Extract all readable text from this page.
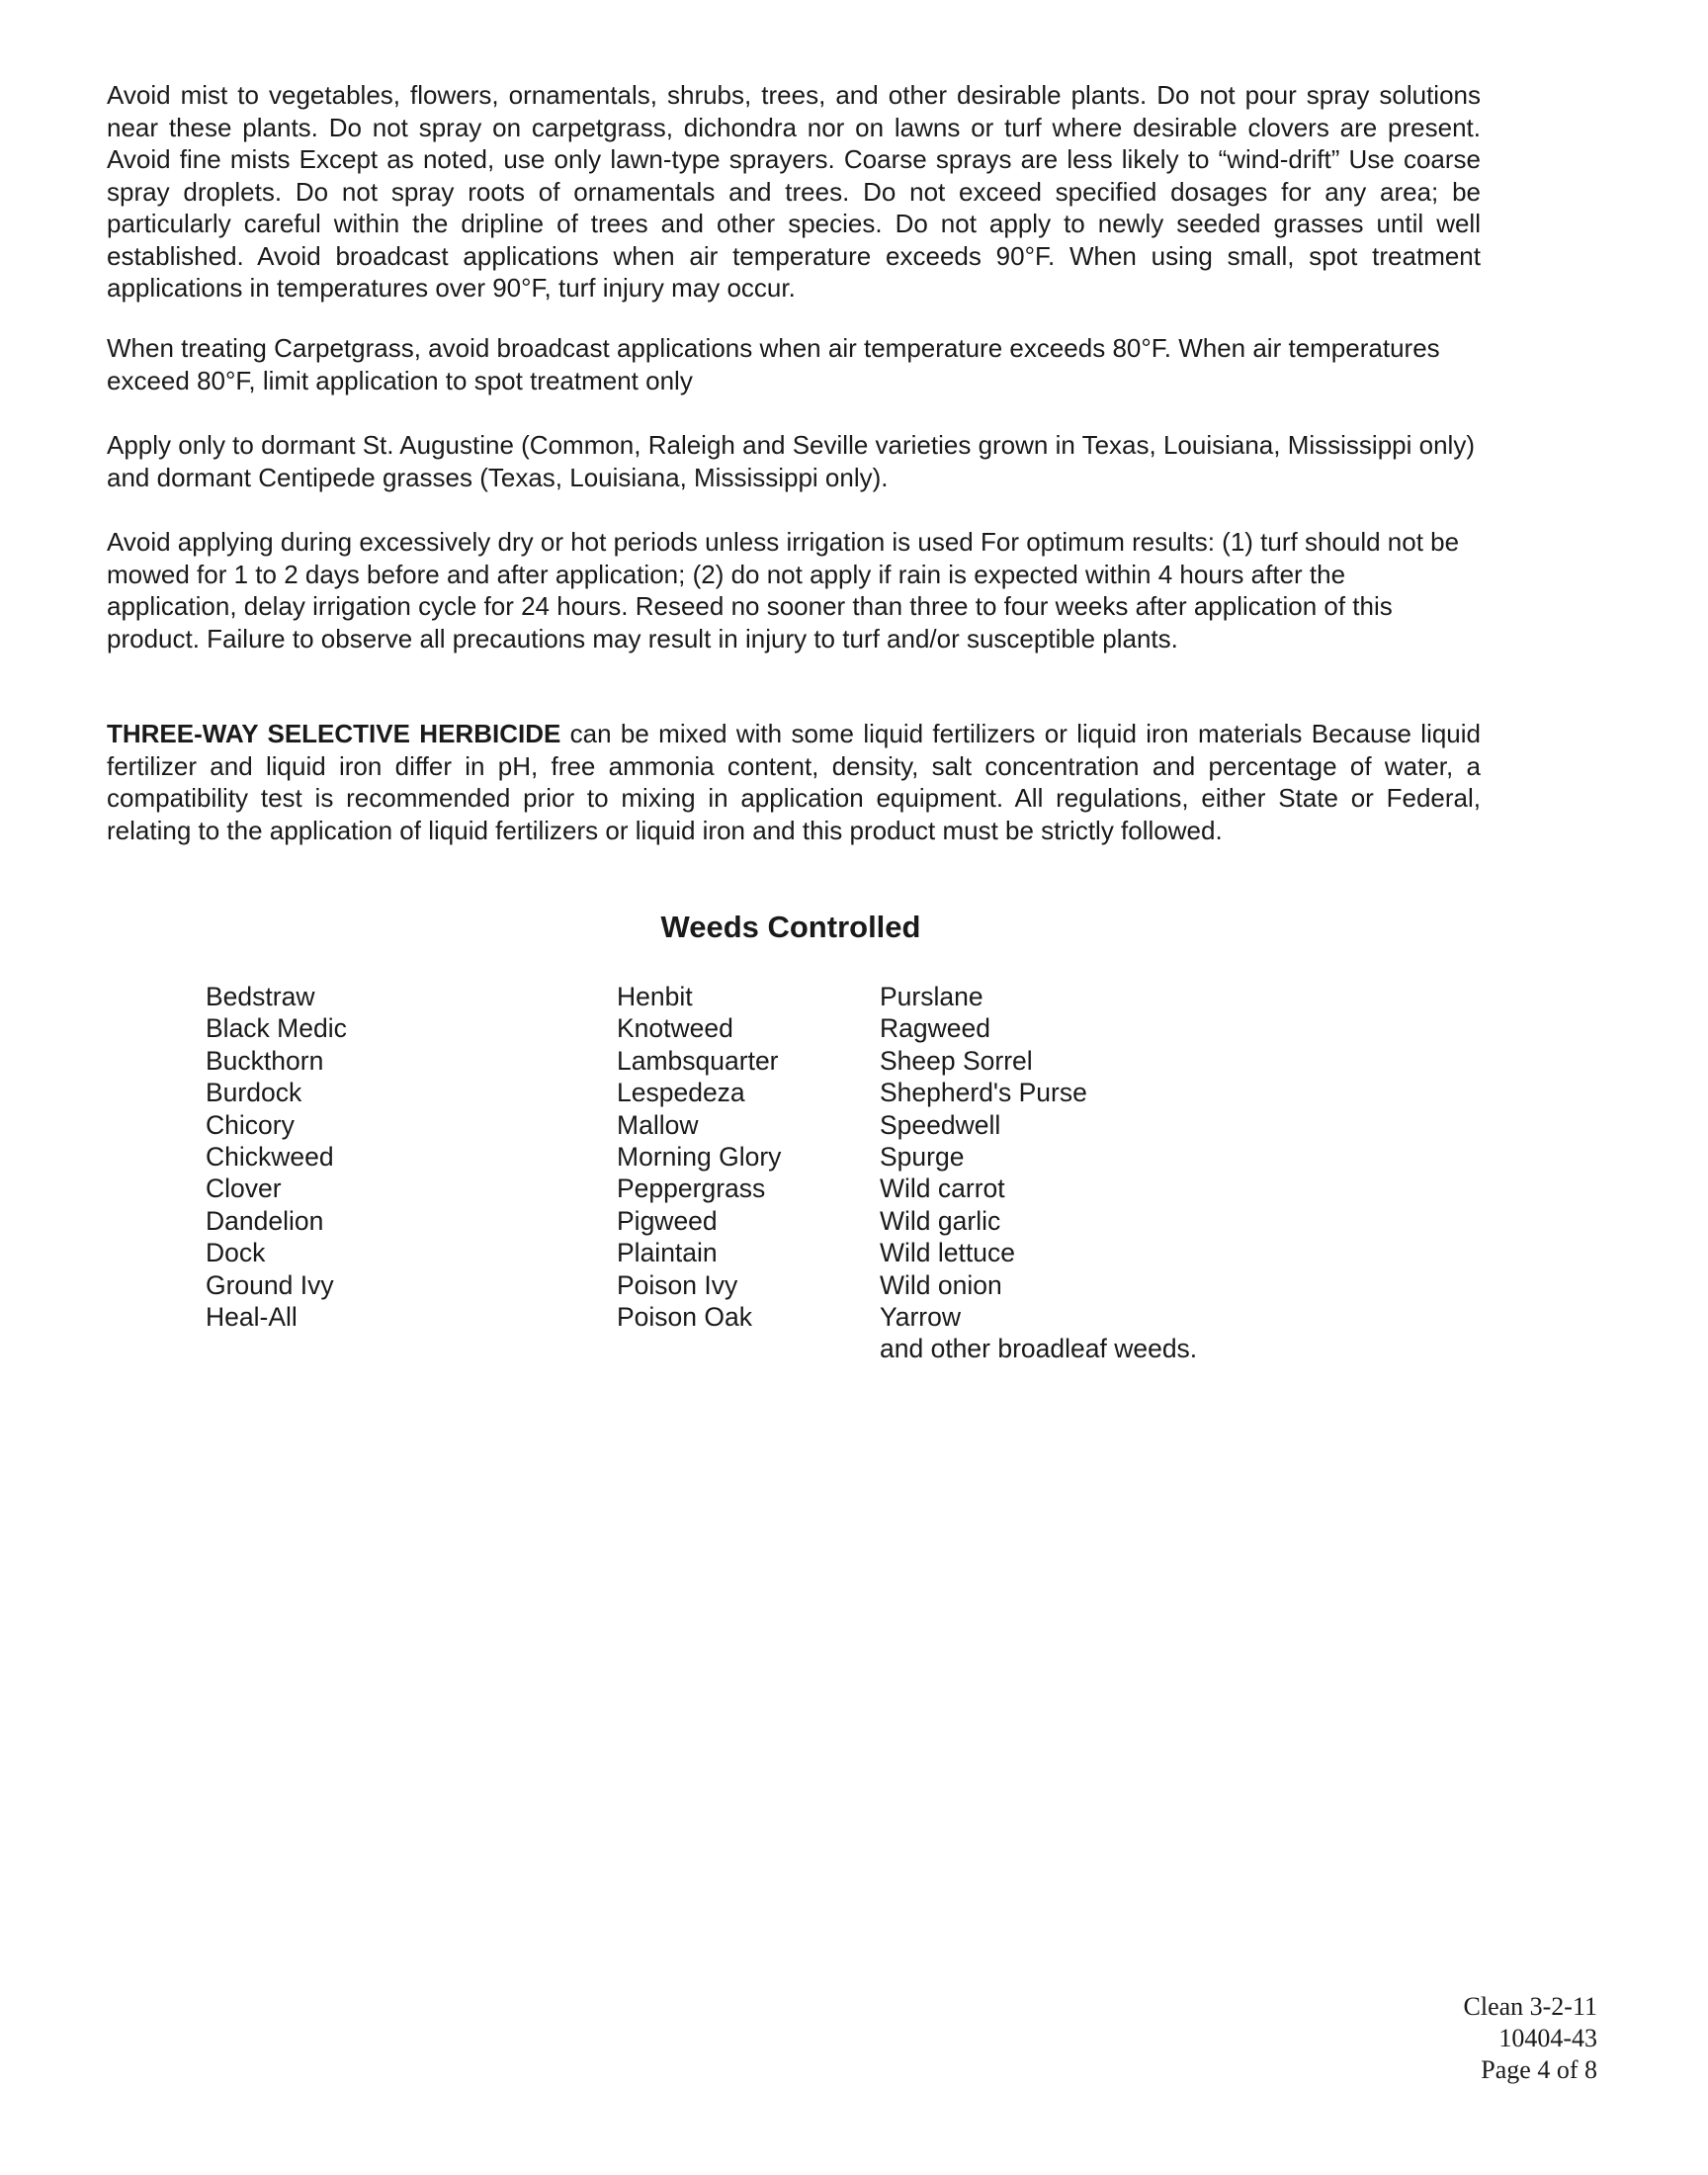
Avoid mist to vegetables, flowers, ornamentals, shrubs, trees, and other desirable plants. Do not pour spray solutions near these plants. Do not spray on carpetgrass, dichondra nor on lawns or turf where desirable clovers are present. Avoid fine mists Except as noted, use only lawn-type sprayers. Coarse sprays are less likely to “wind-drift” Use coarse spray droplets. Do not spray roots of ornamentals and trees. Do not exceed specified dosages for any area; be particularly careful within the dripline of trees and other species. Do not apply to newly seeded grasses until well established. Avoid broadcast applications when air temperature exceeds 90°F. When using small, spot treatment applications in temperatures over 90°F, turf injury may occur.

When treating Carpetgrass, avoid broadcast applications when air temperature exceeds 80°F. When air temperatures exceed 80°F, limit application to spot treatment only

Apply only to dormant St. Augustine (Common, Raleigh and Seville varieties grown in Texas, Louisiana, Mississippi only) and dormant Centipede grasses (Texas, Louisiana, Mississippi only).

Avoid applying during excessively dry or hot periods unless irrigation is used For optimum results: (1) turf should not be mowed for 1 to 2 days before and after application; (2) do not apply if rain is expected within 4 hours after the application, delay irrigation cycle for 24 hours. Reseed no sooner than three to four weeks after application of this product. Failure to observe all precautions may result in injury to turf and/or susceptible plants.

THREE-WAY SELECTIVE HERBICIDE can be mixed with some liquid fertilizers or liquid iron materials Because liquid fertilizer and liquid iron differ in pH, free ammonia content, density, salt concentration and percentage of water, a compatibility test is recommended prior to mixing in application equipment. All regulations, either State or Federal, relating to the application of liquid fertilizers or liquid iron and this product must be strictly followed.

Weeds Controlled
Bedstraw
Black Medic
Buckthorn
Burdock
Chicory
Chickweed
Clover
Dandelion
Dock
Ground Ivy
Heal-All
Henbit
Knotweed
Lambsquarter
Lespedeza
Mallow
Morning Glory
Peppergrass
Pigweed
Plaintain
Poison Ivy
Poison Oak
Purslane
Ragweed
Sheep Sorrel
Shepherd's Purse
Speedwell
Spurge
Wild carrot
Wild garlic
Wild lettuce
Wild onion
Yarrow
and other broadleaf weeds.
Clean 3-2-11
10404-43
Page 4 of 8
